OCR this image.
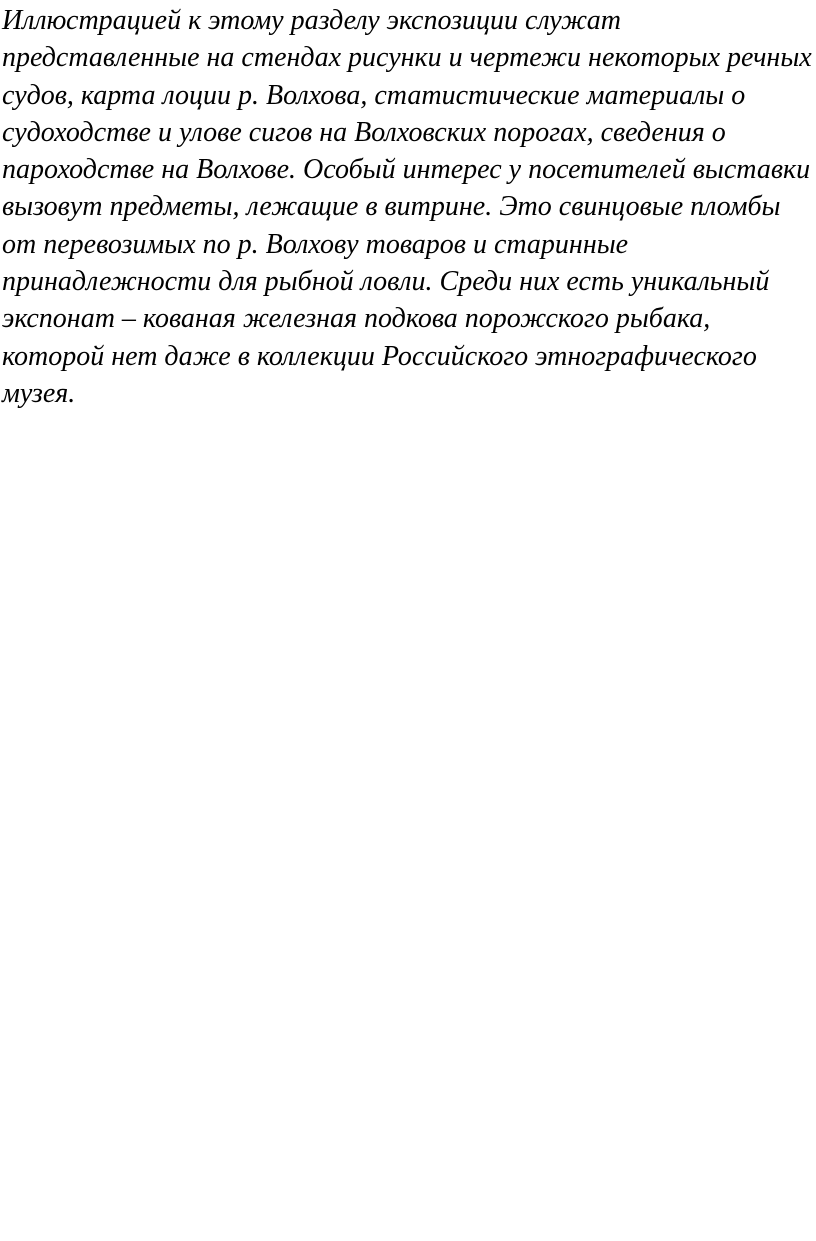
Иллюстрацией к этому разделу экспозиции служат
представленные на стендах рисунки и чертежи некоторых речных
судов, карта лоции р. Волхова, статистические материалы о
судоходстве и улове сигов на Волховских порогах, сведения о
пароходстве на Волхове. Особый интерес у посетителей выставки
вызовут предметы, лежащие в витрине. Это свинцовые пломбы
от перевозимых по р. Волхову товаров и старинные
принадлежности для рыбной ловли. Среди них есть уникальный
экспонат – кованая железная подкова порожского рыбака,
которой нет даже в коллекции Российского этнографического
музея.
